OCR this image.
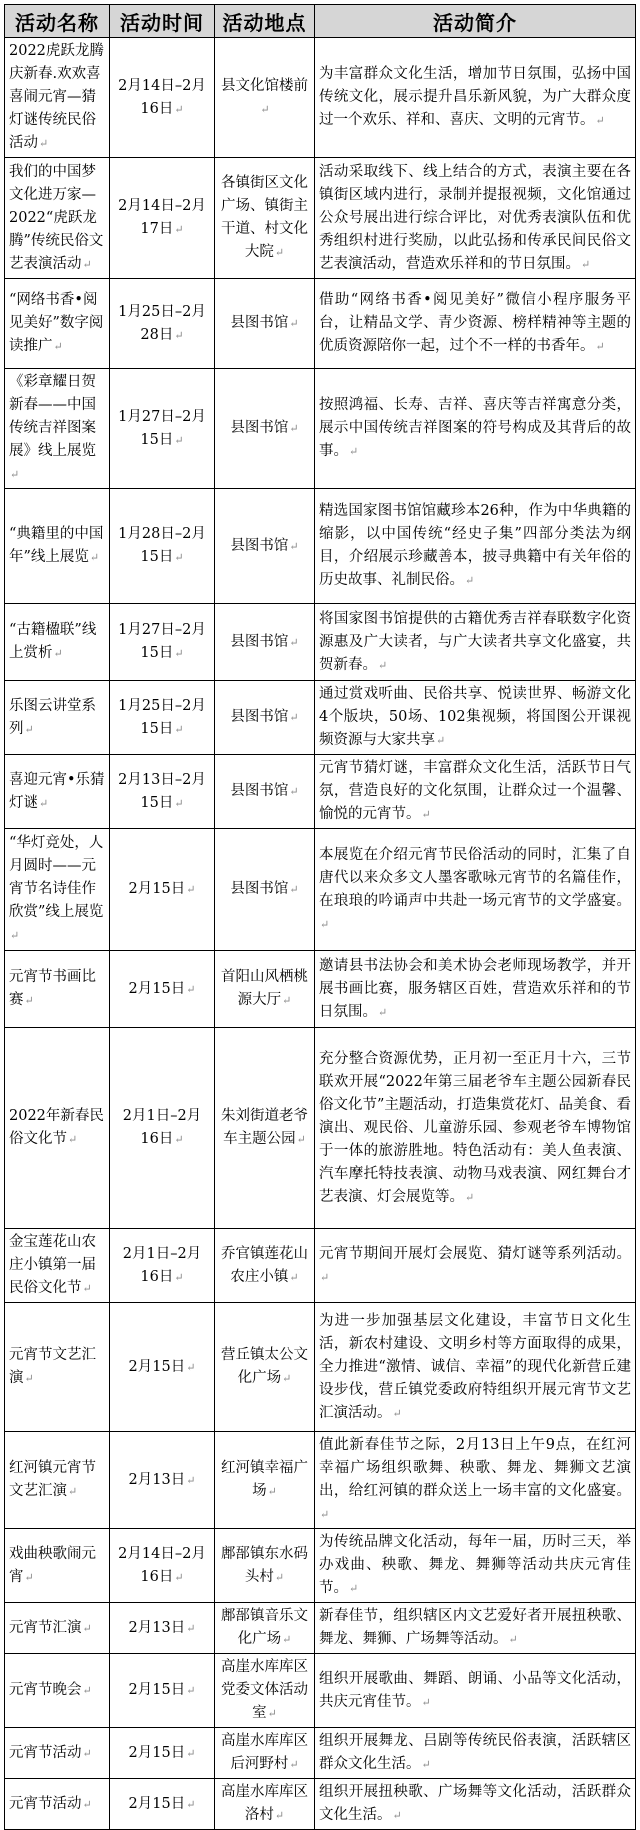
活动名称	活动时间	活动地点	活动简介
2022虎跃龙腾庆新春.欢欢喜喜闹元宵—猜灯谜传统民俗活动↵	2月14日–2月16日↵	县文化馆楼前↵	为丰富群众文化生活，增加节日氛围，弘扬中国传统文化，展示提升昌乐新风貌，为广大群众度过一个欢乐、祥和、喜庆、文明的元宵节。↵
我们的中国梦文化进万家—2022“虎跃龙腾”传统民俗文艺表演活动↵	2月14日–2月17日↵	各镇街区文化广场、镇街主干道、村文化大院↵	活动采取线下、线上结合的方式，表演主要在各镇街区域内进行，录制并提报视频，文化馆通过公众号展出进行综合评比，对优秀表演队伍和优秀组织村进行奖励，以此弘扬和传承民间民俗文艺表演活动，营造欢乐祥和的节日氛围。↵
“网络书香•阅见美好”数字阅读推广↵	1月25日–2月28日↵	县图书馆↵	借助“网络书香•阅见美好”微信小程序服务平台，让精品文学、青少资源、榜样精神等主题的优质资源陪你一起，过个不一样的书香年。↵
《彩章耀日贺新春——中国传统吉祥图案展》线上展览↵	1月27日–2月15日↵	县图书馆↵	按照鸿福、长寿、吉祥、喜庆等吉祥寓意分类，展示中国传统吉祥图案的符号构成及其背后的故事。↵
“典籍里的中国年”线上展览↵	1月28日–2月15日↵	县图书馆↵	精选国家图书馆馆藏珍本26种，作为中华典籍的缩影，以中国传统“经史子集”四部分类法为纲目，介绍展示珍藏善本，披寻典籍中有关年俗的历史故事、礼制民俗。↵
“古籍楹联”线上赏析↵	1月27日–2月15日↵	县图书馆↵	将国家图书馆提供的古籍优秀吉祥春联数字化资源惠及广大读者，与广大读者共享文化盛宴，共贺新春。↵
乐图云讲堂系列↵	1月25日–2月15日↵	县图书馆↵	通过赏戏听曲、民俗共享、悦读世界、畅游文化4个版块，50场、102集视频，将国图公开课视频资源与大家共享↵
喜迎元宵•乐猜灯谜↵	2月13日–2月15日↵	县图书馆↵	元宵节猜灯谜，丰富群众文化生活，活跃节日气氛，营造良好的文化氛围，让群众过一个温馨、愉悦的元宵节。↵
“华灯竞处，人月圆时——元宵节名诗佳作欣赏”线上展览↵	2月15日↵	县图书馆↵	本展览在介绍元宵节民俗活动的同时，汇集了自唐代以来众多文人墨客歌咏元宵节的名篇佳作，在琅琅的吟诵声中共赴一场元宵节的文学盛宴。↵
元宵节书画比赛↵	2月15日↵	首阳山风栖桃源大厅↵	邀请县书法协会和美术协会老师现场教学，并开展书画比赛，服务辖区百姓，营造欢乐祥和的节日氛围。↵
2022年新春民俗文化节↵	2月1日–2月16日↵	朱刘街道老爷车主题公园↵	充分整合资源优势，正月初一至正月十六，三节联欢开展“2022年第三届老爷车主题公园新春民俗文化节”主题活动，打造集赏花灯、品美食、看演出、观民俗、儿童游乐园、参观老爷车博物馆于一体的旅游胜地。特色活动有：美人鱼表演、汽车摩托特技表演、动物马戏表演、网红舞台才艺表演、灯会展览等。↵
金宝莲花山农庄小镇第一届民俗文化节↵	2月1日–2月16日↵	乔官镇莲花山农庄小镇↵	元宵节期间开展灯会展览、猜灯谜等系列活动。↵
元宵节文艺汇演↵	2月15日↵	营丘镇太公文化广场↵	为进一步加强基层文化建设，丰富节日文化生活，新农村建设、文明乡村等方面取得的成果，全力推进“激情、诚信、幸福”的现代化新营丘建设步伐，营丘镇党委政府特组织开展元宵节文艺汇演活动。↵
红河镇元宵节文艺汇演↵	2月13日↵	红河镇幸福广场↵	值此新春佳节之际，2月13日上午9点，在红河幸福广场组织歌舞、秧歌、舞龙、舞狮文艺演出，给红河镇的群众送上一场丰富的文化盛宴。↵
戏曲秧歌闹元宵↵	2月14日–2月16日↵	鄌郚镇东水码头村↵	为传统品牌文化活动，每年一届，历时三天，举办戏曲、秧歌、舞龙、舞狮等活动共庆元宵佳节。↵
元宵节汇演↵	2月13日↵	鄌郚镇音乐文化广场↵	新春佳节，组织辖区内文艺爱好者开展扭秧歌、舞龙、舞狮、广场舞等活动。↵
元宵节晚会↵	2月15日↵	高崖水库库区党委文体活动室↵	组织开展歌曲、舞蹈、朗诵、小品等文化活动，共庆元宵佳节。↵
元宵节活动↵	2月15日↵	高崖水库库区后河野村↵	组织开展舞龙、吕剧等传统民俗表演，活跃辖区群众文化生活。↵
元宵节活动↵	2月15日↵	高崖水库库区洛村↵	组织开展扭秧歌、广场舞等文化活动，活跃群众文化生活。↵
